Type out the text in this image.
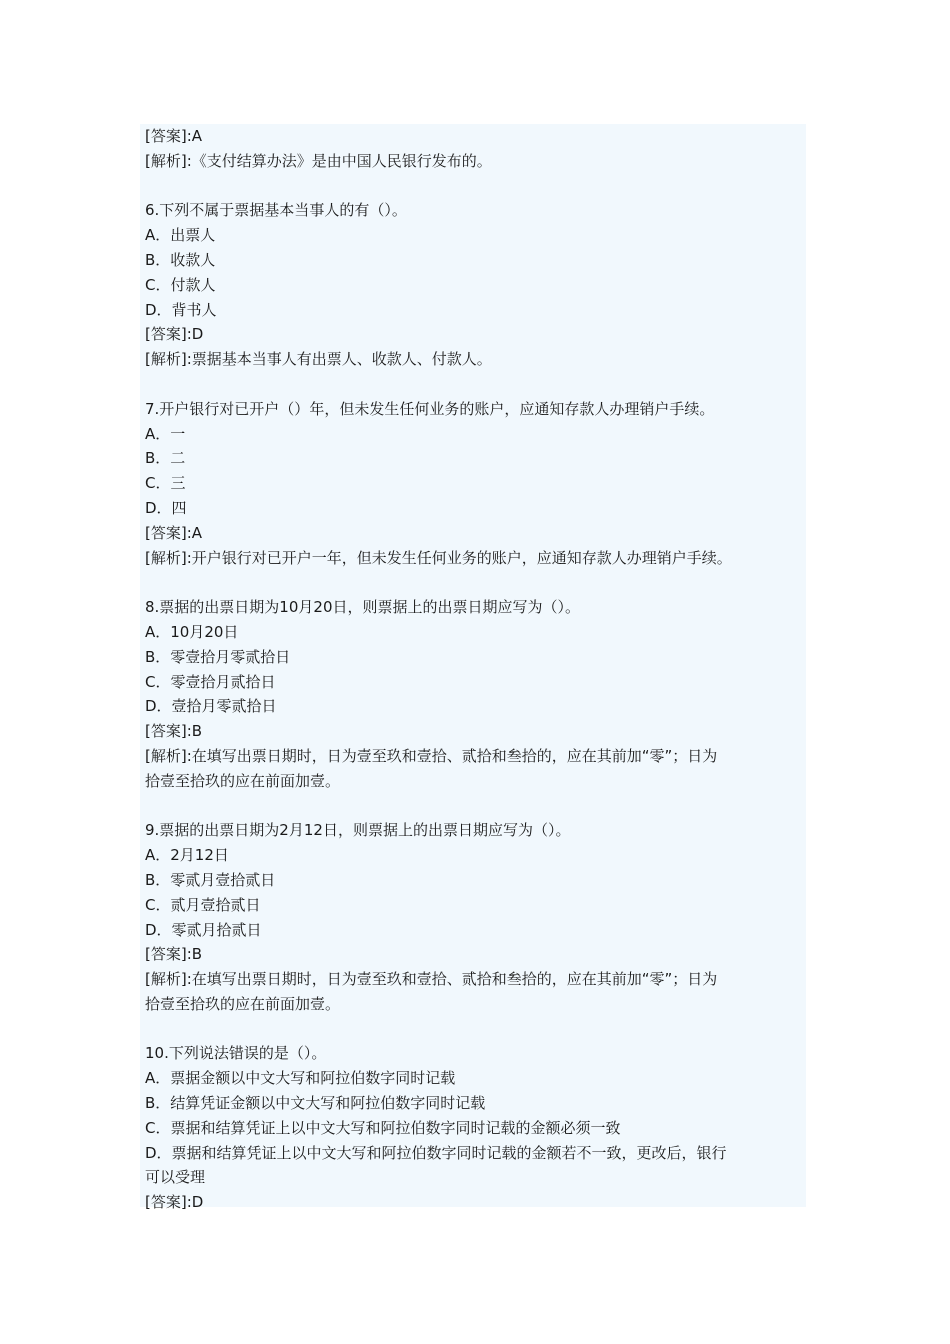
[答案]:A
[解析]:《支付结算办法》是由中国人民银行发布的。
6.下列不属于票据基本当事人的有（）。
A．出票人
B．收款人
C．付款人
D．背书人
[答案]:D
[解析]:票据基本当事人有出票人、收款人、付款人。
7.开户银行对已开户（）年，但未发生任何业务的账户，应通知存款人办理销户手续。
A．一
B．二
C．三
D．四
[答案]:A
[解析]:开户银行对已开户一年，但未发生任何业务的账户，应通知存款人办理销户手续。
8.票据的出票日期为10月20日，则票据上的出票日期应写为（）。
A．10月20日
B．零壹拾月零贰拾日
C．零壹拾月贰拾日
D．壹拾月零贰拾日
[答案]:B
[解析]:在填写出票日期时，日为壹至玖和壹拾、贰拾和叁拾的，应在其前加“零”；日为
拾壹至拾玖的应在前面加壹。
9.票据的出票日期为2月12日，则票据上的出票日期应写为（）。
A．2月12日
B．零贰月壹拾贰日
C．贰月壹拾贰日
D．零贰月拾贰日
[答案]:B
[解析]:在填写出票日期时，日为壹至玖和壹拾、贰拾和叁拾的，应在其前加“零”；日为
拾壹至拾玖的应在前面加壹。
10.下列说法错误的是（）。
A．票据金额以中文大写和阿拉伯数字同时记载
B．结算凭证金额以中文大写和阿拉伯数字同时记载
C．票据和结算凭证上以中文大写和阿拉伯数字同时记载的金额必须一致
D．票据和结算凭证上以中文大写和阿拉伯数字同时记载的金额若不一致，更改后，银行
可以受理
[答案]:D
